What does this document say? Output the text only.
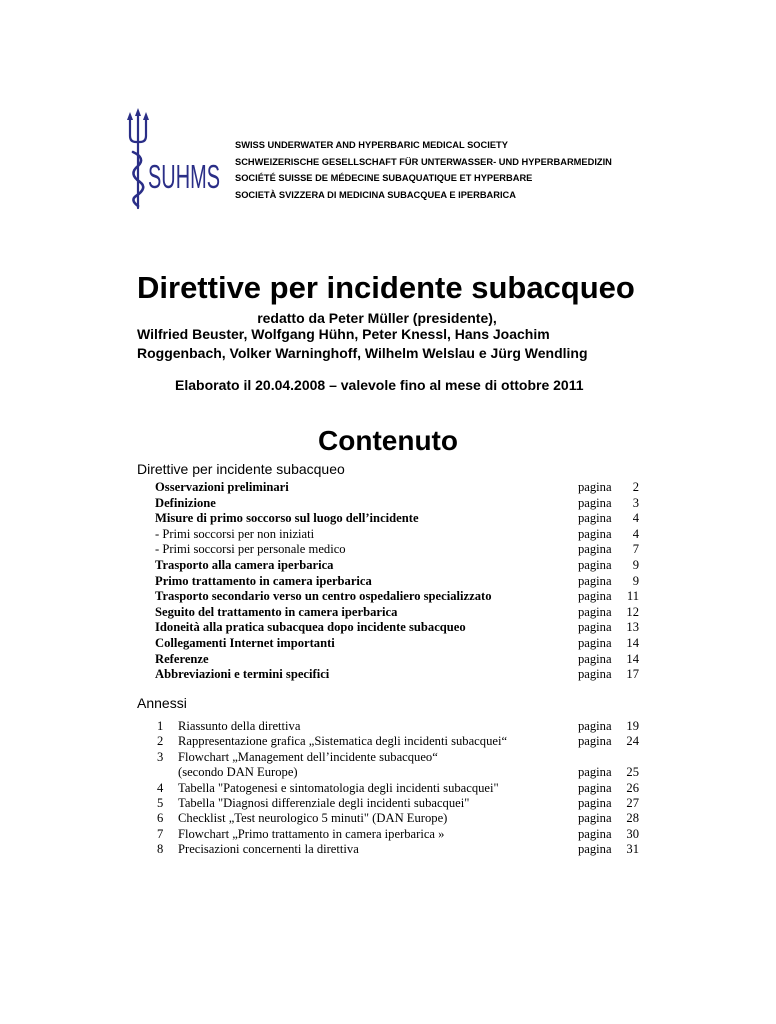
SUHMS
SWISS UNDERWATER AND HYPERBARIC MEDICAL SOCIETY
SCHWEIZERISCHE GESELLSCHAFT FÜR UNTERWASSER- UND HYPERBARMEDIZIN
SOCIÉTÉ SUISSE DE MÉDECINE SUBAQUATIQUE ET HYPERBARE
SOCIETÀ SVIZZERA DI MEDICINA SUBACQUEA E IPERBARICA
Direttive per incidente subacqueo
redatto da Peter Müller (presidente),
Wilfried Beuster, Wolfgang Hühn, Peter Knessl, Hans Joachim
Roggenbach, Volker Warninghoff, Wilhelm Welslau e Jürg Wendling
Elaborato il 20.04.2008 – valevole fino al mese di ottobre 2011
Contenuto
Direttive per incidente subacqueo
Osservazioni preliminari	pagina 2
Definizione	pagina 3
Misure di primo soccorso sul luogo dell’incidente	pagina 4
- Primi soccorsi per non iniziati	pagina 4
- Primi soccorsi per personale medico	pagina 7
Trasporto alla camera iperbarica	pagina 9
Primo trattamento in camera iperbarica	pagina 9
Trasporto secondario verso un centro ospedaliero specializzato	pagina 11
Seguito del trattamento in camera iperbarica	pagina 12
Idoneità alla pratica subacquea dopo incidente subacqueo	pagina 13
Collegamenti Internet importanti	pagina 14
Referenze	pagina 14
Abbreviazioni e termini specifici	pagina 17
Annessi
1 Riassunto della direttiva	pagina 19
2 Rappresentazione grafica „Sistematica degli incidenti subacquei“	pagina 24
3 Flowchart „Management dell’incidente subacqueo“
(secondo DAN Europe)	pagina 25
4 Tabella "Patogenesi e sintomatologia degli incidenti subacquei"	pagina 26
5 Tabella "Diagnosi differenziale degli incidenti subacquei"	pagina 27
6 Checklist „Test neurologico 5 minuti" (DAN Europe)	pagina 28
7 Flowchart „Primo trattamento in camera iperbarica »	pagina 30
8 Precisazioni concernenti la direttiva	pagina 31
